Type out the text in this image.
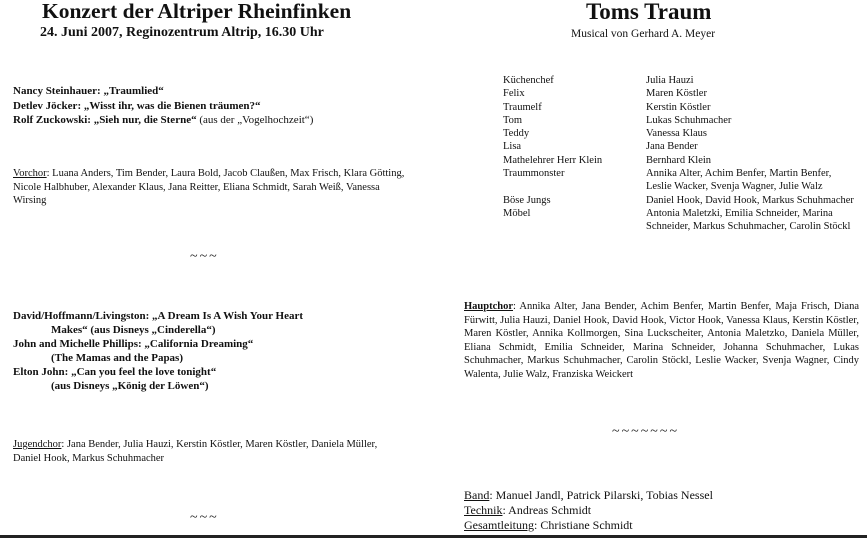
Konzert der Altriper Rheinfinken
24. Juni 2007, Reginozentrum Altrip, 16.30 Uhr
Nancy Steinhauer: „Traumlied“
Detlev Jöcker: „Wisst ihr, was die Bienen träumen?“
Rolf Zuckowski: „Sieh nur, die Sterne“ (aus der „Vogelhochzeit“)
Vorchor: Luana Anders, Tim Bender, Laura Bold, Jacob Claußen, Max Frisch, Klara Götting, Nicole Halbhuber, Alexander Klaus, Jana Reitter, Eliana Schmidt, Sarah Weiß, Vanessa Wirsing
~~~
David/Hoffmann/Livingston: „A Dream Is A Wish Your Heart
Makes“ (aus Disneys „Cinderella“)
John and Michelle Phillips: „California Dreaming“
(The Mamas and the Papas)
Elton John: „Can you feel the love tonight“
(aus Disneys „König der Löwen“)
Jugendchor: Jana Bender, Julia Hauzi, Kerstin Köstler, Maren Köstler, Daniela Müller, Daniel Hook, Markus Schuhmacher
~~~
Toms Traum
Musical von Gerhard A. Meyer
Küchenchef	Julia Hauzi
Felix	Maren Köstler
Traumelf	Kerstin Köstler
Tom	Lukas Schuhmacher
Teddy	Vanessa Klaus
Lisa	Jana Bender
Mathelehrer Herr Klein	Bernhard Klein
Traummonster	Annika Alter, Achim Benfer, Martin Benfer, Leslie Wacker, Svenja Wagner, Julie Walz
Böse Jungs	Daniel Hook, David Hook, Markus Schuhmacher
Möbel	Antonia Maletzki, Emilia Schneider, Marina Schneider, Markus Schuhmacher, Carolin Stöckl
Hauptchor: Annika Alter, Jana Bender, Achim Benfer, Martin Benfer, Maja Frisch, Diana Fürwitt, Julia Hauzi, Daniel Hook, David Hook, Victor Hook, Vanessa Klaus, Kerstin Köstler, Maren Köstler, Annika Kollmorgen, Sina Luckscheiter, Antonia Maletzko, Daniela Müller, Eliana Schmidt, Emilia Schneider, Marina Schneider, Johanna Schuhmacher, Lukas Schuhmacher, Markus Schuhmacher, Carolin Stöckl, Leslie Wacker, Svenja Wagner, Cindy Walenta, Julie Walz, Franziska Weickert
~~~~~~~
Band: Manuel Jandl, Patrick Pilarski, Tobias Nessel
Technik: Andreas Schmidt
Gesamtleitung: Christiane Schmidt
